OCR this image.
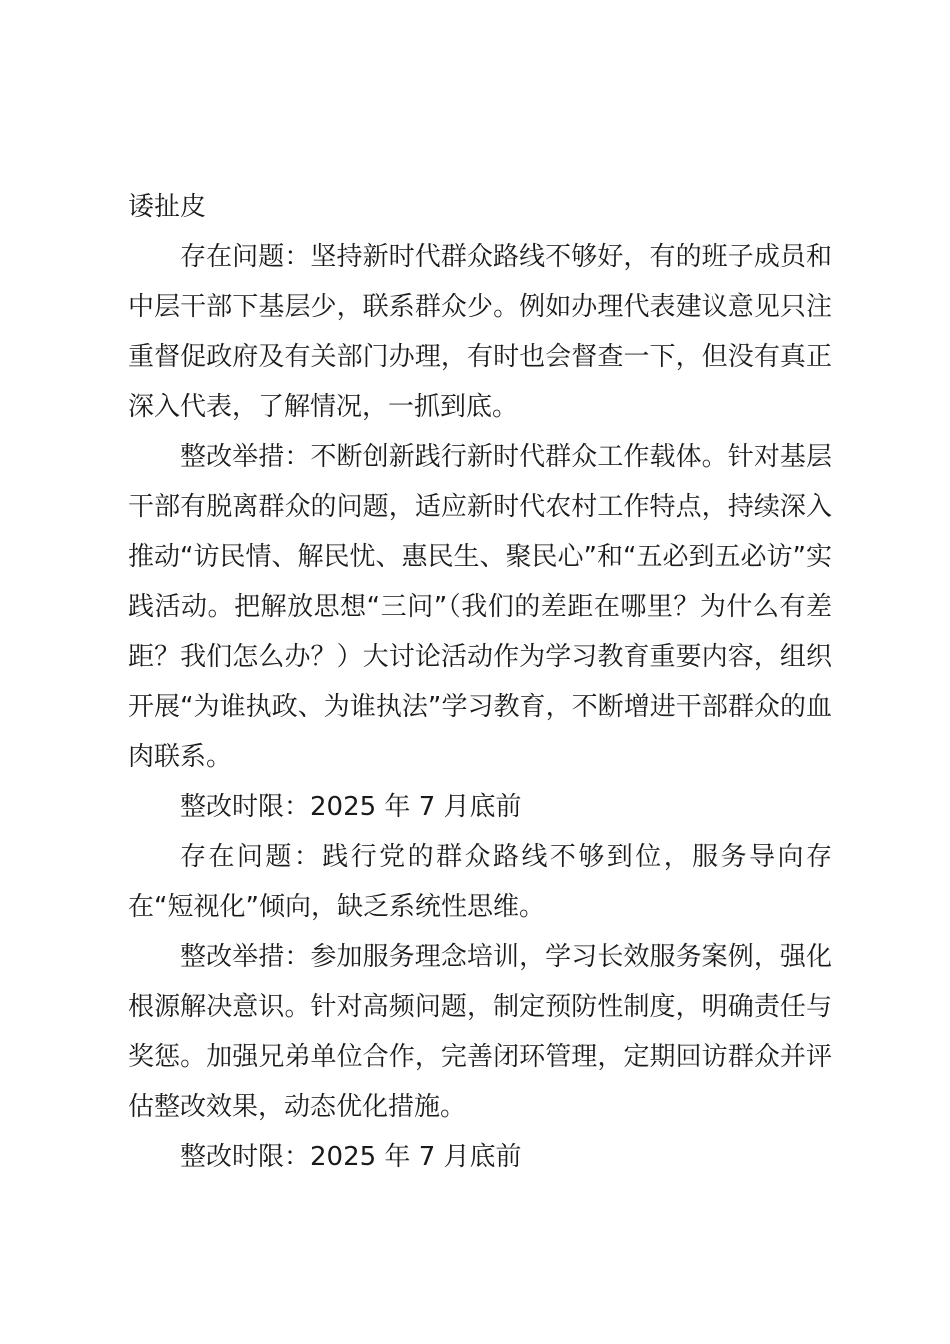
诿扯皮

存在问题：坚持新时代群众路线不够好，有的班子成员和中层干部下基层少，联系群众少。例如办理代表建议意见只注重督促政府及有关部门办理，有时也会督查一下，但没有真正深入代表，了解情况，一抓到底。

整改举措：不断创新践行新时代群众工作载体。针对基层干部有脱离群众的问题，适应新时代农村工作特点，持续深入推动“访民情、解民忧、惠民生、聚民心”和“五必到五必访”实践活动。把解放思想“三问”（我们的差距在哪里？为什么有差距？我们怎么办？）大讨论活动作为学习教育重要内容，组织开展“为谁执政、为谁执法”学习教育，不断增进干部群众的血肉联系。

整改时限：2025 年 7 月底前

存在问题：践行党的群众路线不够到位，服务导向存在“短视化”倾向，缺乏系统性思维。

整改举措：参加服务理念培训，学习长效服务案例，强化根源解决意识。针对高频问题，制定预防性制度，明确责任与奖惩。加强兄弟单位合作，完善闭环管理，定期回访群众并评估整改效果，动态优化措施。

整改时限：2025 年 7 月底前
